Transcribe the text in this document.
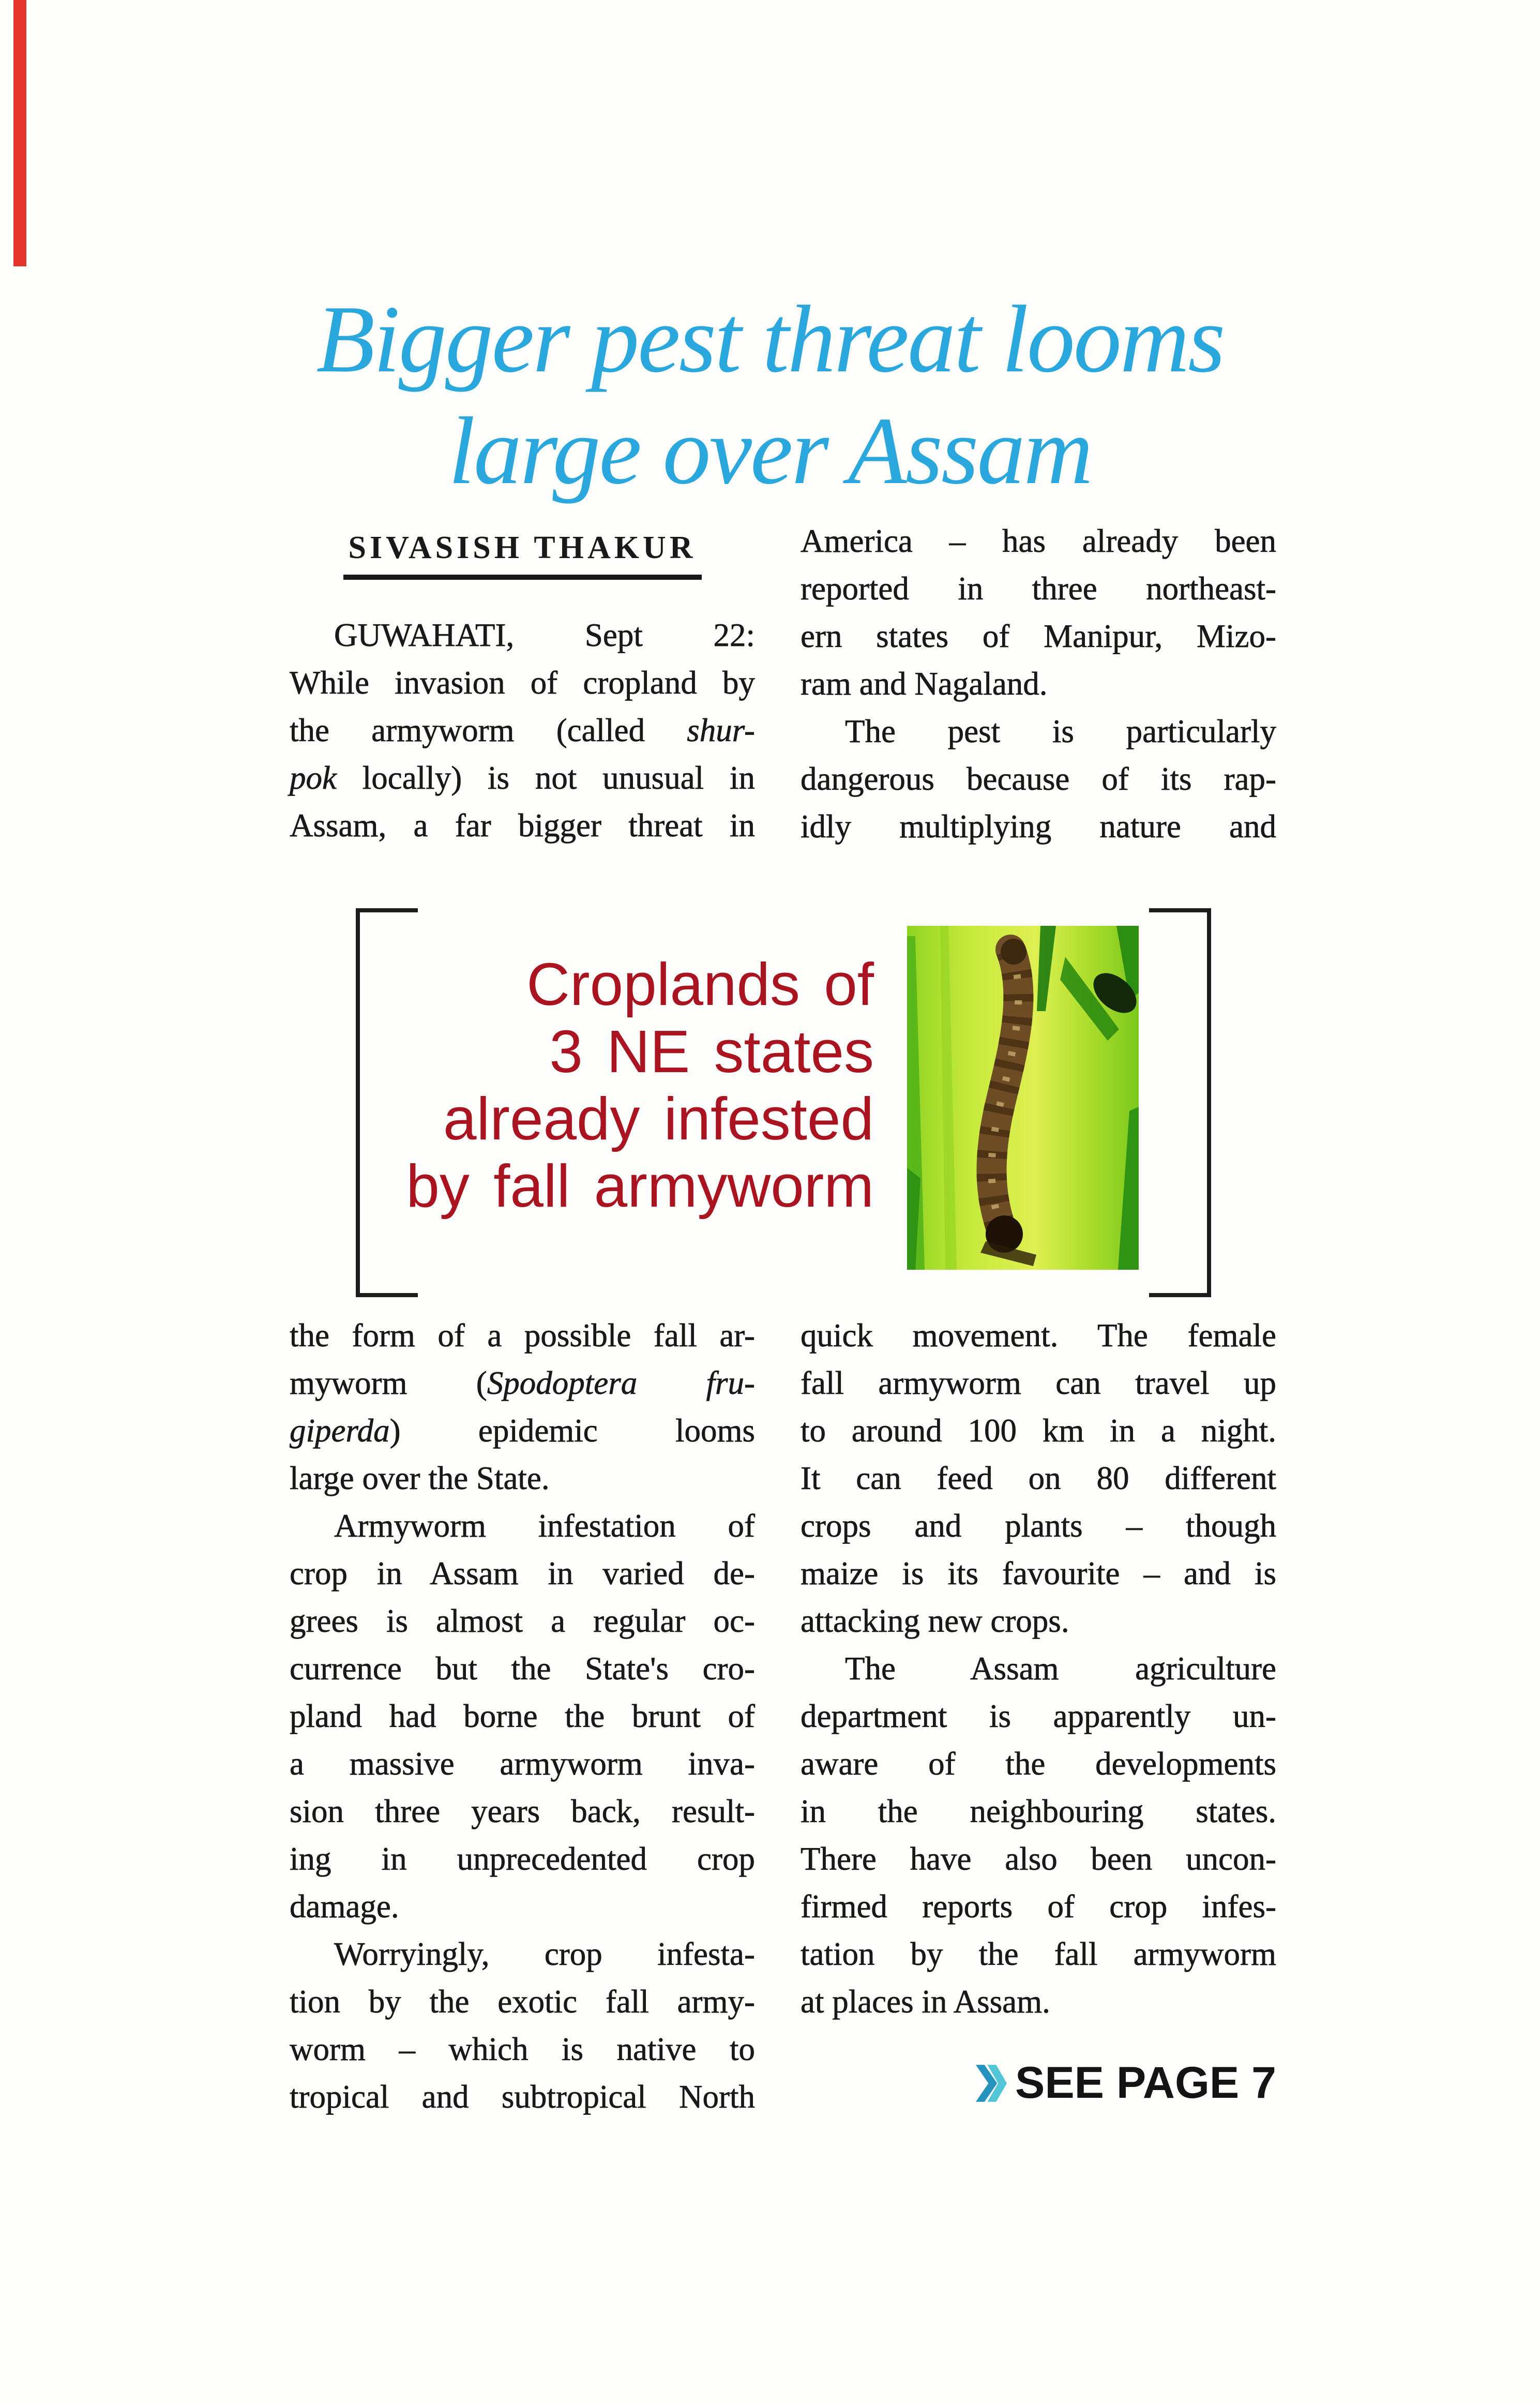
Bigger pest threat looms
large over Assam
SIVASISH THAKUR
GUWAHATI, Sept 22:
While invasion of cropland by
the armyworm (called shur-
pok locally) is not unusual in
Assam, a far bigger threat in
America – has already been
reported in three northeast-
ern states of Manipur, Mizo-
ram and Nagaland.
The pest is particularly
dangerous because of its rap-
idly multiplying nature and
Croplands of
3 NE states
already infested
by fall armyworm
the form of a possible fall ar-
myworm (Spodoptera fru-
giperda) epidemic looms
large over the State.
Armyworm infestation of
crop in Assam in varied de-
grees is almost a regular oc-
currence but the State's cro-
pland had borne the brunt of
a massive armyworm inva-
sion three years back, result-
ing in unprecedented crop
damage.
Worryingly, crop infesta-
tion by the exotic fall army-
worm – which is native to
tropical and subtropical North
quick movement. The female
fall armyworm can travel up
to around 100 km in a night.
It can feed on 80 different
crops and plants – though
maize is its favourite – and is
attacking new crops.
The Assam agriculture
department is apparently un-
aware of the developments
in the neighbouring states.
There have also been uncon-
firmed reports of crop infes-
tation by the fall armyworm
at places in Assam.
SEE PAGE 7
